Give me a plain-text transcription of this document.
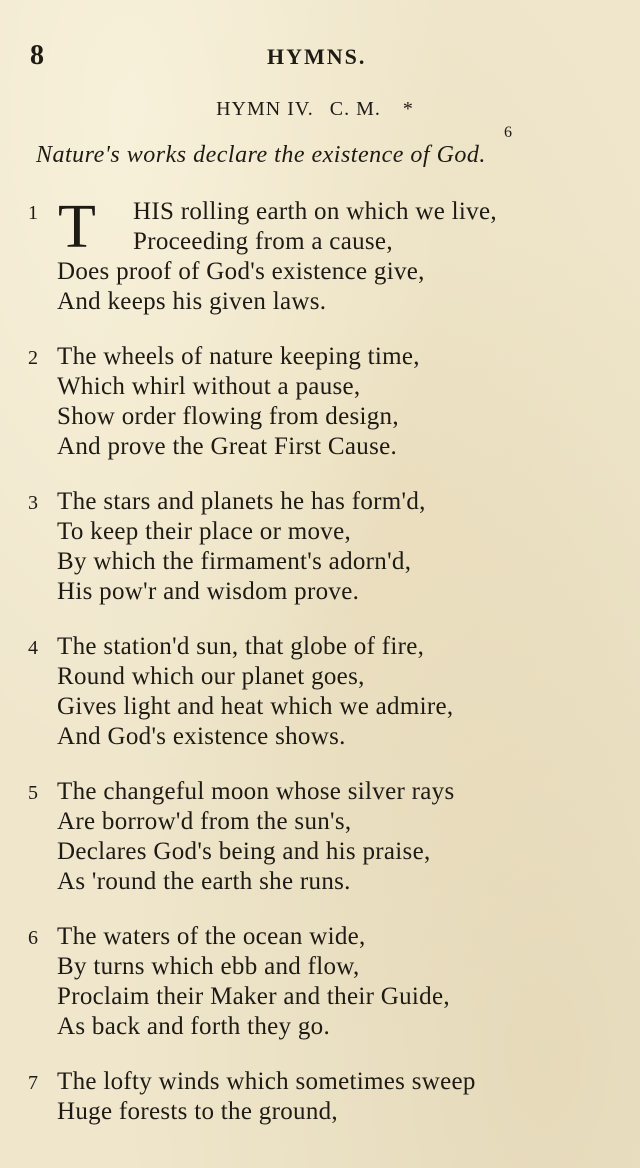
8	HYMNS.
HYMN IV. C. M. *
6
Nature's works declare the existence of God.
1 T HIS rolling earth on which we live,
Proceeding from a cause,
Does proof of God's existence give,
And keeps his given laws.
2 The wheels of nature keeping time,
Which whirl without a pause,
Show order flowing from design,
And prove the Great First Cause.
3 The stars and planets he has form'd,
To keep their place or move,
By which the firmament's adorn'd,
His pow'r and wisdom prove.
4 The station'd sun, that globe of fire,
Round which our planet goes,
Gives light and heat which we admire,
And God's existence shows.
5 The changeful moon whose silver rays
Are borrow'd from the sun's,
Declares God's being and his praise,
As 'round the earth she runs.
6 The waters of the ocean wide,
By turns which ebb and flow,
Proclaim their Maker and their Guide,
As back and forth they go.
7 The lofty winds which sometimes sweep
Huge forests to the ground,
